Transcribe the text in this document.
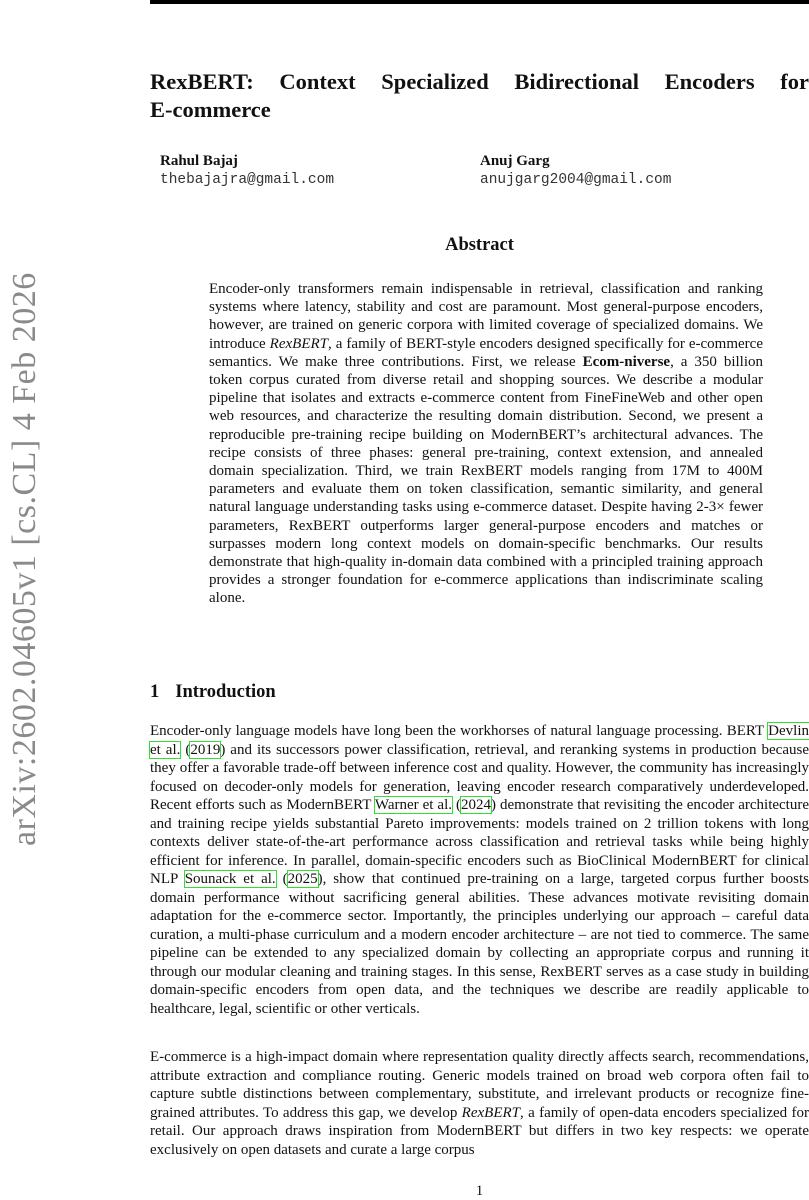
arXiv:2602.04605v1 [cs.CL] 4 Feb 2026
RexBERT: Context Specialized Bidirectional Encoders for
E-commerce
Rahul Bajaj
thebajajra@gmail.com
Anuj Garg
anujgarg2004@gmail.com
Abstract
Encoder-only transformers remain indispensable in retrieval, classification and ranking systems where latency, stability and cost are paramount. Most general-purpose encoders, however, are trained on generic corpora with limited coverage of specialized domains. We introduce RexBERT, a family of BERT-style encoders designed specifically for e-commerce semantics. We make three contributions. First, we release Ecom-niverse, a 350 billion token corpus curated from diverse retail and shopping sources. We describe a modular pipeline that isolates and extracts e-commerce content from FineFineWeb and other open web resources, and characterize the resulting domain distribution. Second, we present a reproducible pre-training recipe building on ModernBERT’s architectural advances. The recipe consists of three phases: general pre-training, context extension, and annealed domain specialization. Third, we train RexBERT models ranging from 17M to 400M parameters and evaluate them on token classification, semantic similarity, and general natural language understanding tasks using e-commerce dataset. Despite having 2-3× fewer parameters, RexBERT outperforms larger general-purpose encoders and matches or surpasses modern long context models on domain-specific benchmarks. Our results demonstrate that high-quality in-domain data combined with a principled training approach provides a stronger foundation for e-commerce applications than indiscriminate scaling alone.
1 Introduction
Encoder-only language models have long been the workhorses of natural language processing. BERT Devlin et al. (2019) and its successors power classification, retrieval, and reranking systems in production because they offer a favorable trade-off between inference cost and quality. However, the community has increasingly focused on decoder-only models for generation, leaving encoder research comparatively underdeveloped. Recent efforts such as ModernBERT Warner et al. (2024) demonstrate that revisiting the encoder architecture and training recipe yields substantial Pareto improvements: models trained on 2 trillion tokens with long contexts deliver state-of-the-art performance across classification and retrieval tasks while being highly efficient for inference. In parallel, domain-specific encoders such as BioClinical ModernBERT for clinical NLP Sounack et al. (2025), show that continued pre-training on a large, targeted corpus further boosts domain performance without sacrificing general abilities. These advances motivate revisiting domain adaptation for the e-commerce sector. Importantly, the principles underlying our approach – careful data curation, a multi-phase curriculum and a modern encoder architecture – are not tied to commerce. The same pipeline can be extended to any specialized domain by collecting an appropriate corpus and running it through our modular cleaning and training stages. In this sense, RexBERT serves as a case study in building domain-specific encoders from open data, and the techniques we describe are readily applicable to healthcare, legal, scientific or other verticals.
E-commerce is a high-impact domain where representation quality directly affects search, recommendations, attribute extraction and compliance routing. Generic models trained on broad web corpora often fail to capture subtle distinctions between complementary, substitute, and irrelevant products or recognize fine-grained attributes. To address this gap, we develop RexBERT, a family of open-data encoders specialized for retail. Our approach draws inspiration from ModernBERT but differs in two key respects: we operate exclusively on open datasets and curate a large corpus
1
